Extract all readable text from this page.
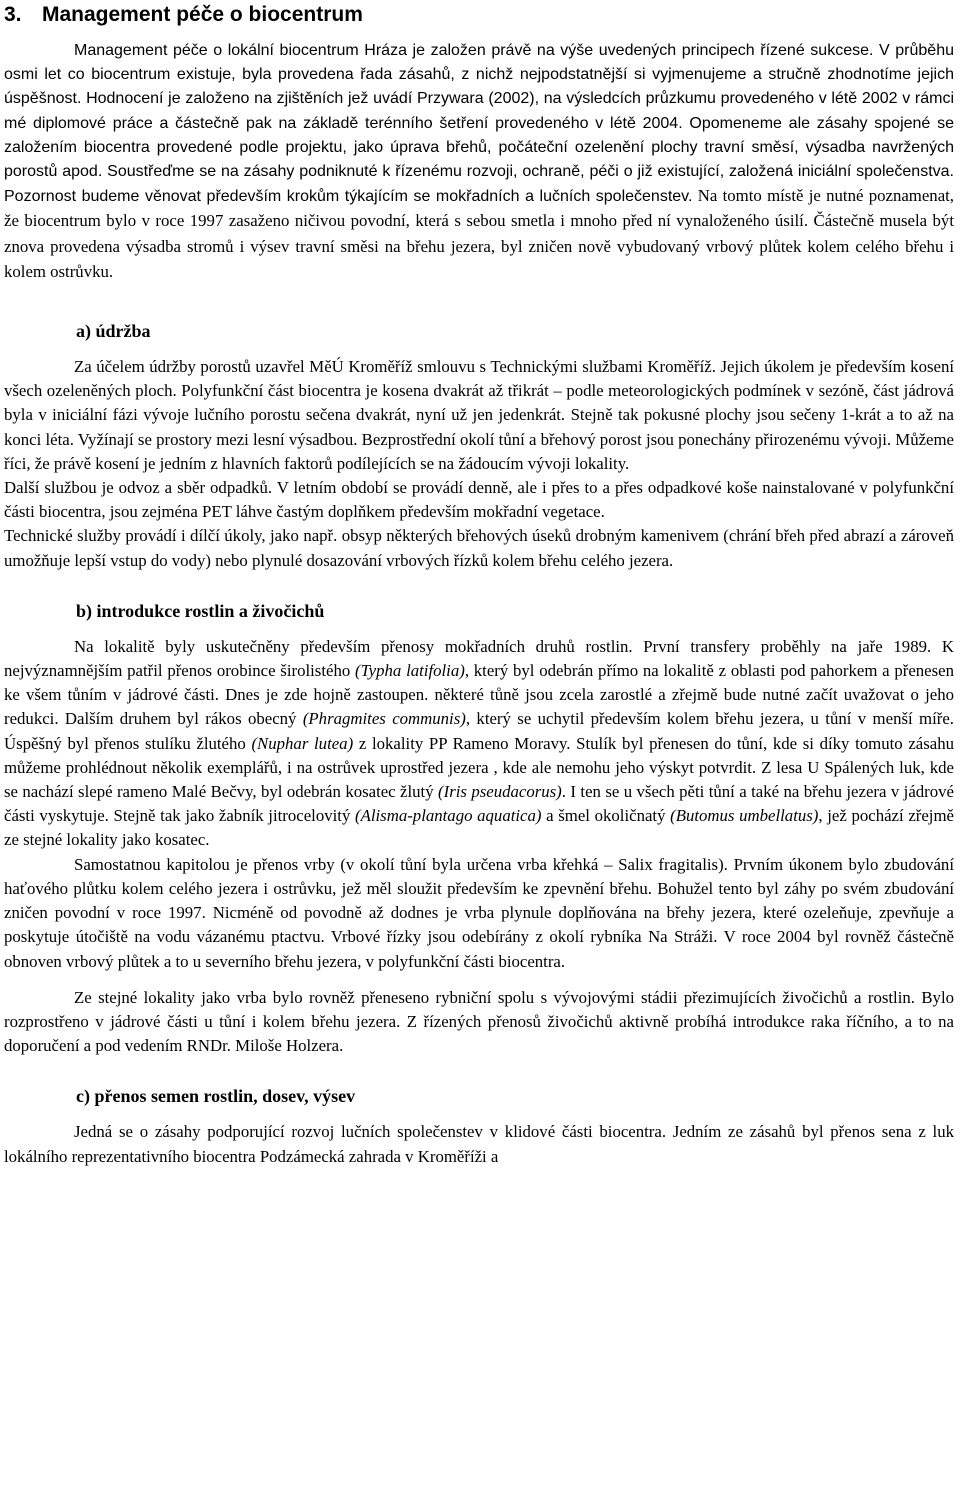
3. Management péče o biocentrum

Management péče o lokální biocentrum Hráza je založen právě na výše uvedených principech řízené sukcese. V průběhu osmi let co biocentrum existuje, byla provedena řada zásahů, z nichž nejpodstatnější si vyjmenujeme a stručně zhodnotíme jejich úspěšnost. Hodnocení je založeno na zjištěních jež uvádí Przywara (2002), na výsledcích průzkumu provedeného v létě 2002 v rámci mé diplomové práce a částečně pak na základě terénního šetření provedeného v létě 2004. Opomeneme ale zásahy spojené se založením biocentra provedené podle projektu, jako úprava břehů, počáteční ozelenění plochy travní směsí, výsadba navržených porostů apod. Soustřeďme se na zásahy podniknuté k řízenému rozvoji, ochraně, péči o již existující, založená iniciální společenstva. Pozornost budeme věnovat především krokům týkajícím se mokřadních a lučních společenstev. Na tomto místě je nutné poznamenat, že biocentrum bylo v roce 1997 zasaženo ničivou povodní, která s sebou smetla i mnoho před ní vynaloženého úsilí. Částečně musela být znova provedena výsadba stromů i výsev travní směsi na břehu jezera, byl zničen nově vybudovaný vrbový plůtek kolem celého břehu i kolem ostrůvku.

a) údržba

Za účelem údržby porostů uzavřel MěÚ Kroměříž smlouvu s Technickými službami Kroměříž. Jejich úkolem je především kosení všech ozeleněných ploch. Polyfunkční část biocentra je kosena dvakrát až třikrát – podle meteorologických podmínek v sezóně, část jádrová byla v iniciální fázi vývoje lučního porostu sečena dvakrát, nyní už jen jedenkrát. Stejně tak pokusné plochy jsou sečeny 1-krát a to až na konci léta. Vyžínají se prostory mezi lesní výsadbou. Bezprostřední okolí tůní a břehový porost jsou ponechány přirozenému vývoji. Můžeme říci, že právě kosení je jedním z hlavních faktorů podílejících se na žádoucím vývoji lokality.

Další službou je odvoz a sběr odpadků. V letním období se provádí denně, ale i přes to a přes odpadkové koše nainstalované v polyfunkční části biocentra, jsou zejména PET láhve častým doplňkem především mokřadní vegetace.

Technické služby provádí i dílčí úkoly, jako např. obsyp některých břehových úseků drobným kamenivem (chrání břeh před abrazí a zároveň umožňuje lepší vstup do vody) nebo plynulé dosazování vrbových řízků kolem břehu celého jezera.

b) introdukce rostlin a živočichů

Na lokalitě byly uskutečněny především přenosy mokřadních druhů rostlin. První transfery proběhly na jaře 1989. K nejvýznamnějším patřil přenos orobince širolistého (Typha latifolia), který byl odebrán přímo na lokalitě z oblasti pod pahorkem a přenesen ke všem tůním v jádrové části. Dnes je zde hojně zastoupen. některé tůně jsou zcela zarostlé a zřejmě bude nutné začít uvažovat o jeho redukci. Dalším druhem byl rákos obecný (Phragmites communis), který se uchytil především kolem břehu jezera, u tůní v menší míře. Úspěšný byl přenos stulíku žlutého (Nuphar lutea) z lokality PP Rameno Moravy. Stulík byl přenesen do tůní, kde si díky tomuto zásahu můžeme prohlédnout několik exemplářů, i na ostrůvek uprostřed jezera , kde ale nemohu jeho výskyt potvrdit. Z lesa U Spálených luk, kde se nachází slepé rameno Malé Bečvy, byl odebrán kosatec žlutý (Iris pseudacorus). I ten se u všech pěti tůní a také na břehu jezera v jádrové části vyskytuje. Stejně tak jako žabník jitrocelovitý (Alisma-plantago aquatica) a šmel okoličnatý (Butomus umbellatus), jež pochází zřejmě ze stejné lokality jako kosatec.

Samostatnou kapitolou je přenos vrby (v okolí tůní byla určena vrba křehká – Salix fragitalis). Prvním úkonem bylo zbudování haťového plůtku kolem celého jezera i ostrůvku, jež měl sloužit především ke zpevnění břehu. Bohužel tento byl záhy po svém zbudování zničen povodní v roce 1997. Nicméně od povodně až dodnes je vrba plynule doplňována na břehy jezera, které ozeleňuje, zpevňuje a poskytuje útočiště na vodu vázanému ptactvu. Vrbové řízky jsou odebírány z okolí rybníka Na Stráži. V roce 2004 byl rovněž částečně obnoven vrbový plůtek a to u severního břehu jezera, v polyfunkční části biocentra.

Ze stejné lokality jako vrba bylo rovněž přeneseno rybniční spolu s vývojovými stádii přezimujících živočichů a rostlin. Bylo rozprostřeno v jádrové části u tůní i kolem břehu jezera. Z řízených přenosů živočichů aktivně probíhá introdukce raka říčního, a to na doporučení a pod vedením RNDr. Miloše Holzera.

c) přenos semen rostlin, dosev, výsev

Jedná se o zásahy podporující rozvoj lučních společenstev v klidové části biocentra. Jedním ze zásahů byl přenos sena z luk lokálního reprezentativního biocentra Podzámecká zahrada v Kroměříži a
